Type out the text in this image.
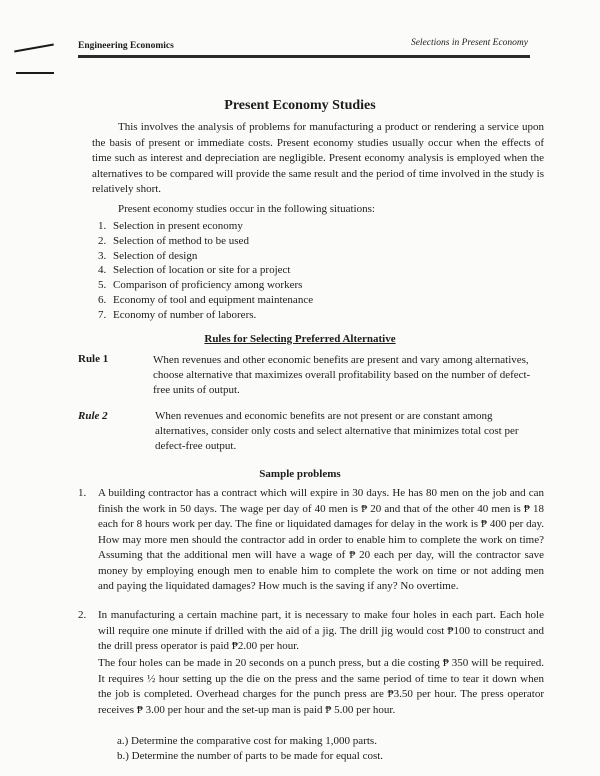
Engineering Economics	Selections in Present Economy
Present Economy Studies
This involves the analysis of problems for manufacturing a product or rendering a service upon the basis of present or immediate costs. Present economy studies usually occur when the effects of time such as interest and depreciation are negligible. Present economy analysis is employed when the alternatives to be compared will provide the same result and the period of time involved in the study is relatively short.
Present economy studies occur in the following situations:
1. Selection in present economy
2. Selection of method to be used
3. Selection of design
4. Selection of location or site for a project
5. Comparison of proficiency among workers
6. Economy of tool and equipment maintenance
7. Economy of number of laborers.
Rules for Selecting Preferred Alternative
Rule 1	When revenues and other economic benefits are present and vary among alternatives, choose alternative that maximizes overall profitability based on the number of defect-free units of output.
Rule 2	When revenues and economic benefits are not present or are constant among alternatives, consider only costs and select alternative that minimizes total cost per defect-free output.
Sample problems
1. A building contractor has a contract which will expire in 30 days. He has 80 men on the job and can finish the work in 50 days. The wage per day of 40 men is ₱ 20 and that of the other 40 men is ₱ 18 each for 8 hours work per day. The fine or liquidated damages for delay in the work is ₱ 400 per day. How may more men should the contractor add in order to enable him to complete the work on time? Assuming that the additional men will have a wage of ₱ 20 each per day, will the contractor save money by employing enough men to enable him to complete the work on time or not adding men and paying the liquidated damages? How much is the saving if any? No overtime.
2. In manufacturing a certain machine part, it is necessary to make four holes in each part. Each hole will require one minute if drilled with the aid of a jig. The drill jig would cost ₱100 to construct and the drill press operator is paid ₱2.00 per hour.
The four holes can be made in 20 seconds on a punch press, but a die costing ₱ 350 will be required. It requires ½ hour setting up the die on the press and the same period of time to tear it down when the job is completed. Overhead charges for the punch press are ₱3.50 per hour. The press operator receives ₱ 3.00 per hour and the set-up man is paid ₱ 5.00 per hour.
a.) Determine the comparative cost for making 1,000 parts.
b.) Determine the number of parts to be made for equal cost.
